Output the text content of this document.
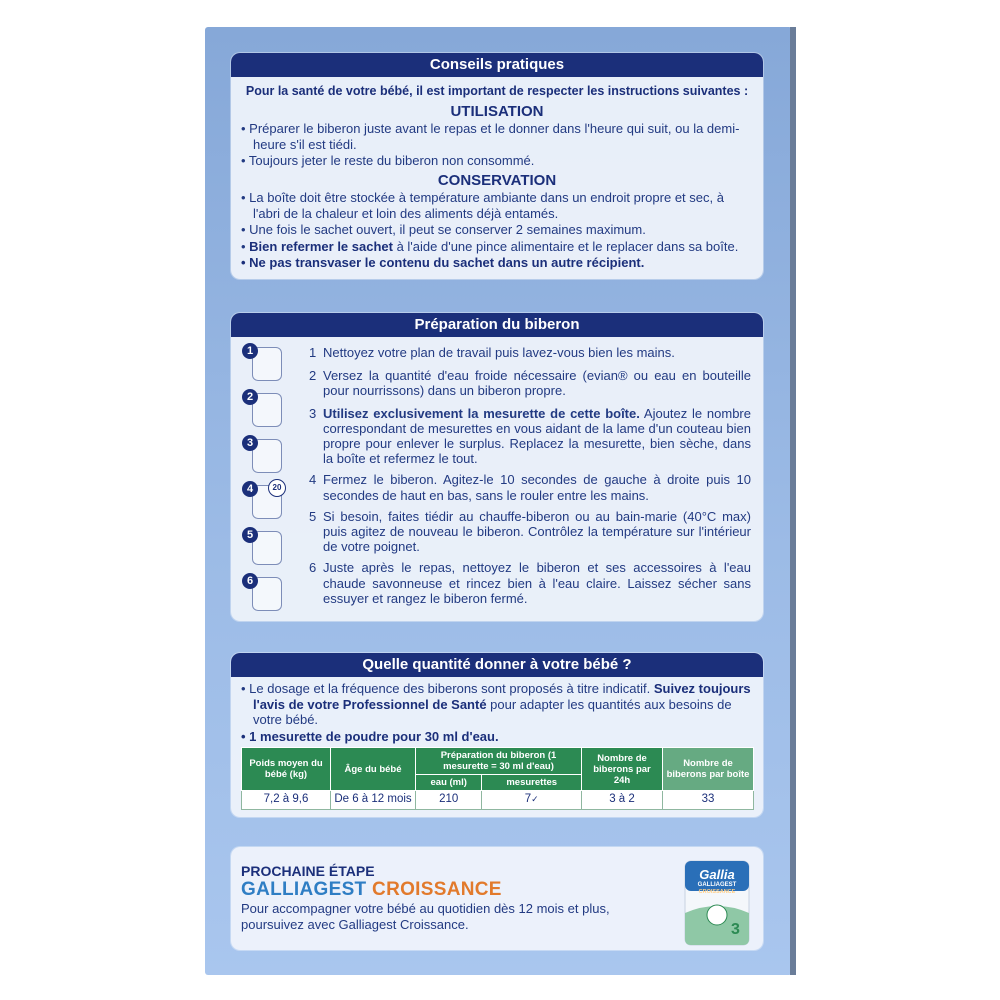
Conseils pratiques
Pour la santé de votre bébé, il est important de respecter les instructions suivantes :
UTILISATION
• Préparer le biberon juste avant le repas et le donner dans l'heure qui suit, ou la demi-heure s'il est tiédi.
• Toujours jeter le reste du biberon non consommé.
CONSERVATION
• La boîte doit être stockée à température ambiante dans un endroit propre et sec, à l'abri de la chaleur et loin des aliments déjà entamés.
• Une fois le sachet ouvert, il peut se conserver 2 semaines maximum.
• Bien refermer le sachet à l'aide d'une pince alimentaire et le replacer dans sa boîte.
• Ne pas transvaser le contenu du sachet dans un autre récipient.
Préparation du biberon
1
2
3
4	20
5
6
1 Nettoyez votre plan de travail puis lavez-vous bien les mains.
2 Versez la quantité d'eau froide nécessaire (evian® ou eau en bouteille pour nourrissons) dans un biberon propre.
3 Utilisez exclusivement la mesurette de cette boîte. Ajoutez le nombre correspondant de mesurettes en vous aidant de la lame d'un couteau bien propre pour enlever le surplus. Replacez la mesurette, bien sèche, dans la boîte et refermez le tout.
4 Fermez le biberon. Agitez-le 10 secondes de gauche à droite puis 10 secondes de haut en bas, sans le rouler entre les mains.
5 Si besoin, faites tiédir au chauffe-biberon ou au bain-marie (40°C max) puis agitez de nouveau le biberon. Contrôlez la température sur l'intérieur de votre poignet.
6 Juste après le repas, nettoyez le biberon et ses accessoires à l'eau chaude savonneuse et rincez bien à l'eau claire. Laissez sécher sans essuyer et rangez le biberon fermé.
Quelle quantité donner à votre bébé ?
• Le dosage et la fréquence des biberons sont proposés à titre indicatif. Suivez toujours l'avis de votre Professionnel de Santé pour adapter les quantités aux besoins de votre bébé.
• 1 mesurette de poudre pour 30 ml d'eau.
Poids moyen du bébé (kg)	Âge du bébé	Préparation du biberon (1 mesurette = 30 ml d'eau)		Nombre de biberons par 24h	Nombre de biberons par boîte
		eau (ml)	mesurettes		
7,2 à 9,6	De 6 à 12 mois	210	7✓	3 à 2	33
PROCHAINE ÉTAPE
GALLIAGEST CROISSANCE
Pour accompagner votre bébé au quotidien dès 12 mois et plus, poursuivez avec Galliagest Croissance.
Gallia
GALLIAGEST
CROISSANCE
3
